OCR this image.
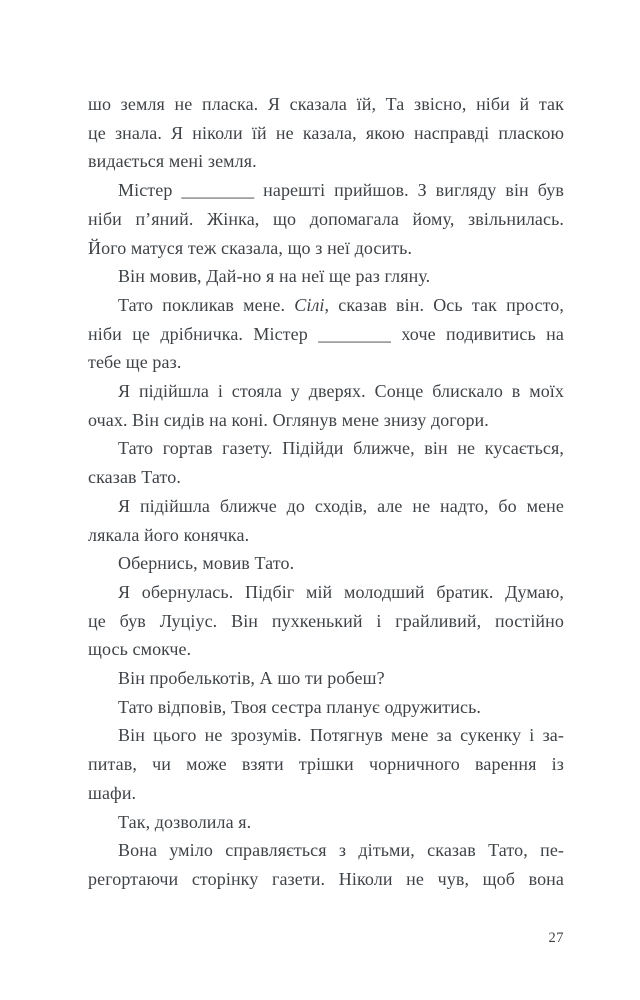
шо земля не пласка. Я сказала їй, Та звісно, ніби й так
це знала. Я ніколи їй не казала, якою насправді пласкою
видається мені земля.
Містер ________ нарешті прийшов. З вигляду він був
ніби п’яний. Жінка, що допомагала йому, звільнилась.
Його матуся теж сказала, що з неї досить.
Він мовив, Дай-но я на неї ще раз гляну.
Тато покликав мене. Сілі, сказав він. Ось так просто,
ніби це дрібничка. Містер ________ хоче подивитись на
тебе ще раз.
Я підійшла і стояла у дверях. Сонце блискало в моїх
очах. Він сидів на коні. Оглянув мене знизу догори.
Тато гортав газету. Підійди ближче, він не кусається,
сказав Тато.
Я підійшла ближче до сходів, але не надто, бо мене
лякала його конячка.
Обернись, мовив Тато.
Я обернулась. Підбіг мій молодший братик. Думаю,
це був Луціус. Він пухкенький і грайливий, постійно
щось смокче.
Він пробелькотів, А шо ти робеш?
Тато відповів, Твоя сестра планує одружитись.
Він цього не зрозумів. Потягнув мене за сукенку і за-
питав, чи може взяти трішки чорничного варення із
шафи.
Так, дозволила я.
Вона уміло справляється з дітьми, сказав Тато, пе-
регортаючи сторінку газети. Ніколи не чув, щоб вона
27
